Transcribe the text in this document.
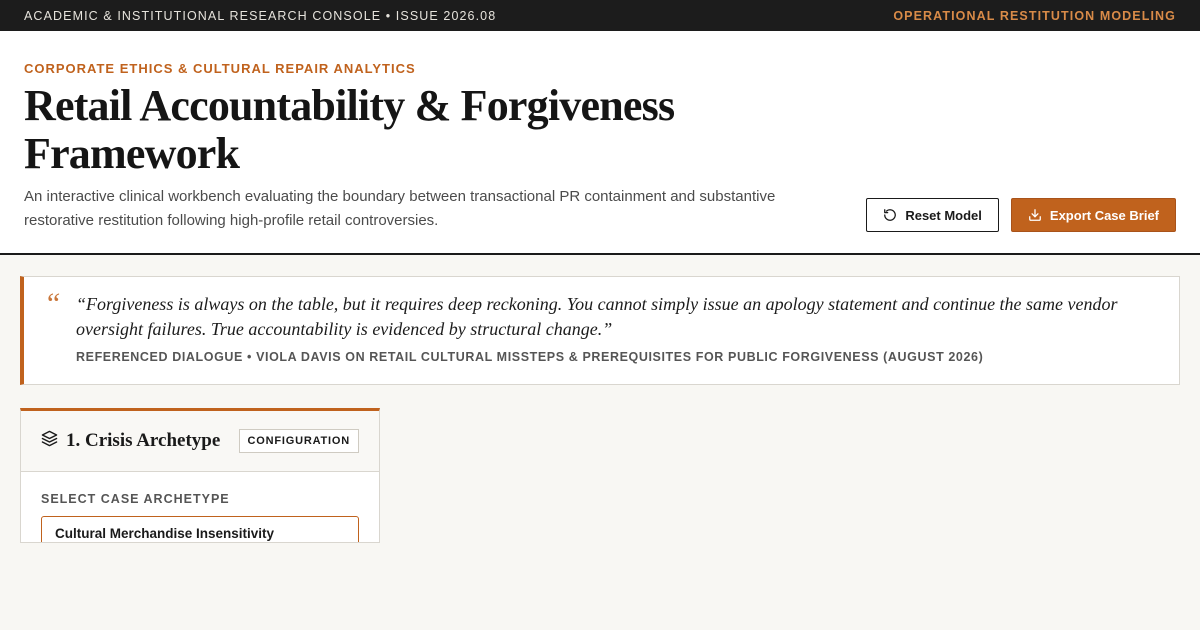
ACADEMIC & INSTITUTIONAL RESEARCH CONSOLE • ISSUE 2026.08	OPERATIONAL RESTITUTION MODELING
CORPORATE ETHICS & CULTURAL REPAIR ANALYTICS
Retail Accountability & Forgiveness Framework

An interactive clinical workbench evaluating the boundary between transactional PR containment and substantive restorative restitution following high-profile retail controversies.	Reset Model	Export Case Brief
“ “Forgiveness is always on the table, but it requires deep reckoning. You cannot simply issue an apology statement and continue the same vendor oversight failures. True accountability is evidenced by structural change.”

REFERENCED DIALOGUE • VIOLA DAVIS ON RETAIL CULTURAL MISSTEPS & PREREQUISITES FOR PUBLIC FORGIVENESS (AUGUST 2026)

1. Crisis Archetype	CONFIGURATION
SELECT CASE ARCHETYPE
Cultural Merchandise Insensitivity
